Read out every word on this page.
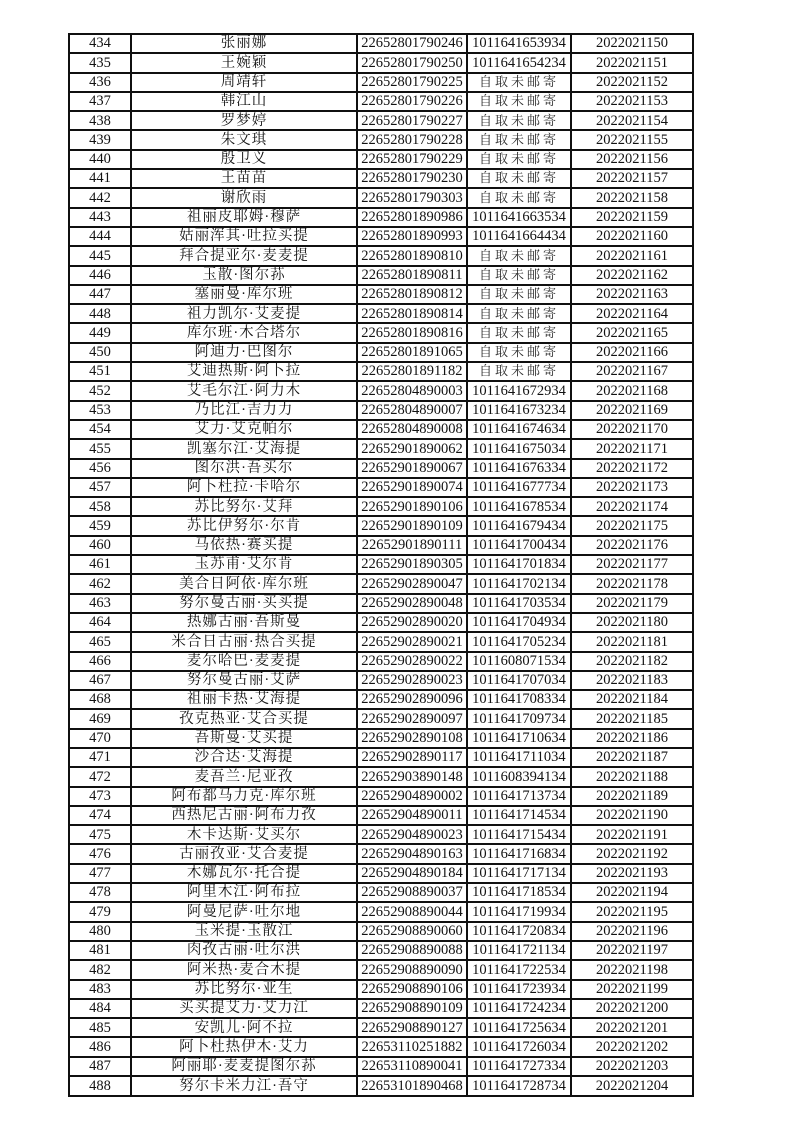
434	张丽娜	22652801790246	1011641653934	2022021150
435	王婉颖	22652801790250	1011641654234	2022021151
436	周靖轩	22652801790225	自取未邮寄	2022021152
437	韩江山	22652801790226	自取未邮寄	2022021153
438	罗梦婷	22652801790227	自取未邮寄	2022021154
439	朱文琪	22652801790228	自取未邮寄	2022021155
440	殷卫义	22652801790229	自取未邮寄	2022021156
441	王苗苗	22652801790230	自取未邮寄	2022021157
442	谢欣雨	22652801790303	自取未邮寄	2022021158
443	祖丽皮耶姆·穆萨	22652801890986	1011641663534	2022021159
444	姑丽浑其·吐拉买提	22652801890993	1011641664434	2022021160
445	拜合提亚尔·麦麦提	22652801890810	自取未邮寄	2022021161
446	玉散·图尔荪	22652801890811	自取未邮寄	2022021162
447	塞丽曼·库尔班	22652801890812	自取未邮寄	2022021163
448	祖力凯尔·艾麦提	22652801890814	自取未邮寄	2022021164
449	库尔班·木合塔尔	22652801890816	自取未邮寄	2022021165
450	阿迪力·巴图尔	22652801891065	自取未邮寄	2022021166
451	艾迪热斯·阿卜拉	22652801891182	自取未邮寄	2022021167
452	艾毛尔江·阿力木	22652804890003	1011641672934	2022021168
453	乃比江·吉力力	22652804890007	1011641673234	2022021169
454	艾力·艾克帕尔	22652804890008	1011641674634	2022021170
455	凯塞尔江·艾海提	22652901890062	1011641675034	2022021171
456	图尔洪·吾买尔	22652901890067	1011641676334	2022021172
457	阿卜杜拉·卡哈尔	22652901890074	1011641677734	2022021173
458	苏比努尔·艾拜	22652901890106	1011641678534	2022021174
459	苏比伊努尔·尔肯	22652901890109	1011641679434	2022021175
460	马依热·赛买提	22652901890111	1011641700434	2022021176
461	玉苏甫·艾尔肯	22652901890305	1011641701834	2022021177
462	美合日阿依·库尔班	22652902890047	1011641702134	2022021178
463	努尔曼古丽·买买提	22652902890048	1011641703534	2022021179
464	热娜古丽·吾斯曼	22652902890020	1011641704934	2022021180
465	米合日古丽·热合买提	22652902890021	1011641705234	2022021181
466	麦尔哈巴·麦麦提	22652902890022	1011608071534	2022021182
467	努尔曼古丽·艾萨	22652902890023	1011641707034	2022021183
468	祖丽卡热·艾海提	22652902890096	1011641708334	2022021184
469	孜克热亚·艾合买提	22652902890097	1011641709734	2022021185
470	吾斯曼·艾买提	22652902890108	1011641710634	2022021186
471	沙合达·艾海提	22652902890117	1011641711034	2022021187
472	麦吾兰·尼亚孜	22652903890148	1011608394134	2022021188
473	阿布都马力克·库尔班	22652904890002	1011641713734	2022021189
474	西热尼古丽·阿布力孜	22652904890011	1011641714534	2022021190
475	木卡达斯·艾买尔	22652904890023	1011641715434	2022021191
476	古丽孜亚·艾合麦提	22652904890163	1011641716834	2022021192
477	木娜瓦尔·托合提	22652904890184	1011641717134	2022021193
478	阿里木江·阿布拉	22652908890037	1011641718534	2022021194
479	阿曼尼萨·吐尔地	22652908890044	1011641719934	2022021195
480	玉米提·玉散江	22652908890060	1011641720834	2022021196
481	肉孜古丽·吐尔洪	22652908890088	1011641721134	2022021197
482	阿米热·麦合木提	22652908890090	1011641722534	2022021198
483	苏比努尔·亚生	22652908890106	1011641723934	2022021199
484	买买提艾力·艾力江	22652908890109	1011641724234	2022021200
485	安凯儿·阿不拉	22652908890127	1011641725634	2022021201
486	阿卜杜热伊木·艾力	22653110251882	1011641726034	2022021202
487	阿丽耶·麦麦提图尔荪	22653110890041	1011641727334	2022021203
488	努尔卡米力江·吾守	22653101890468	1011641728734	2022021204
